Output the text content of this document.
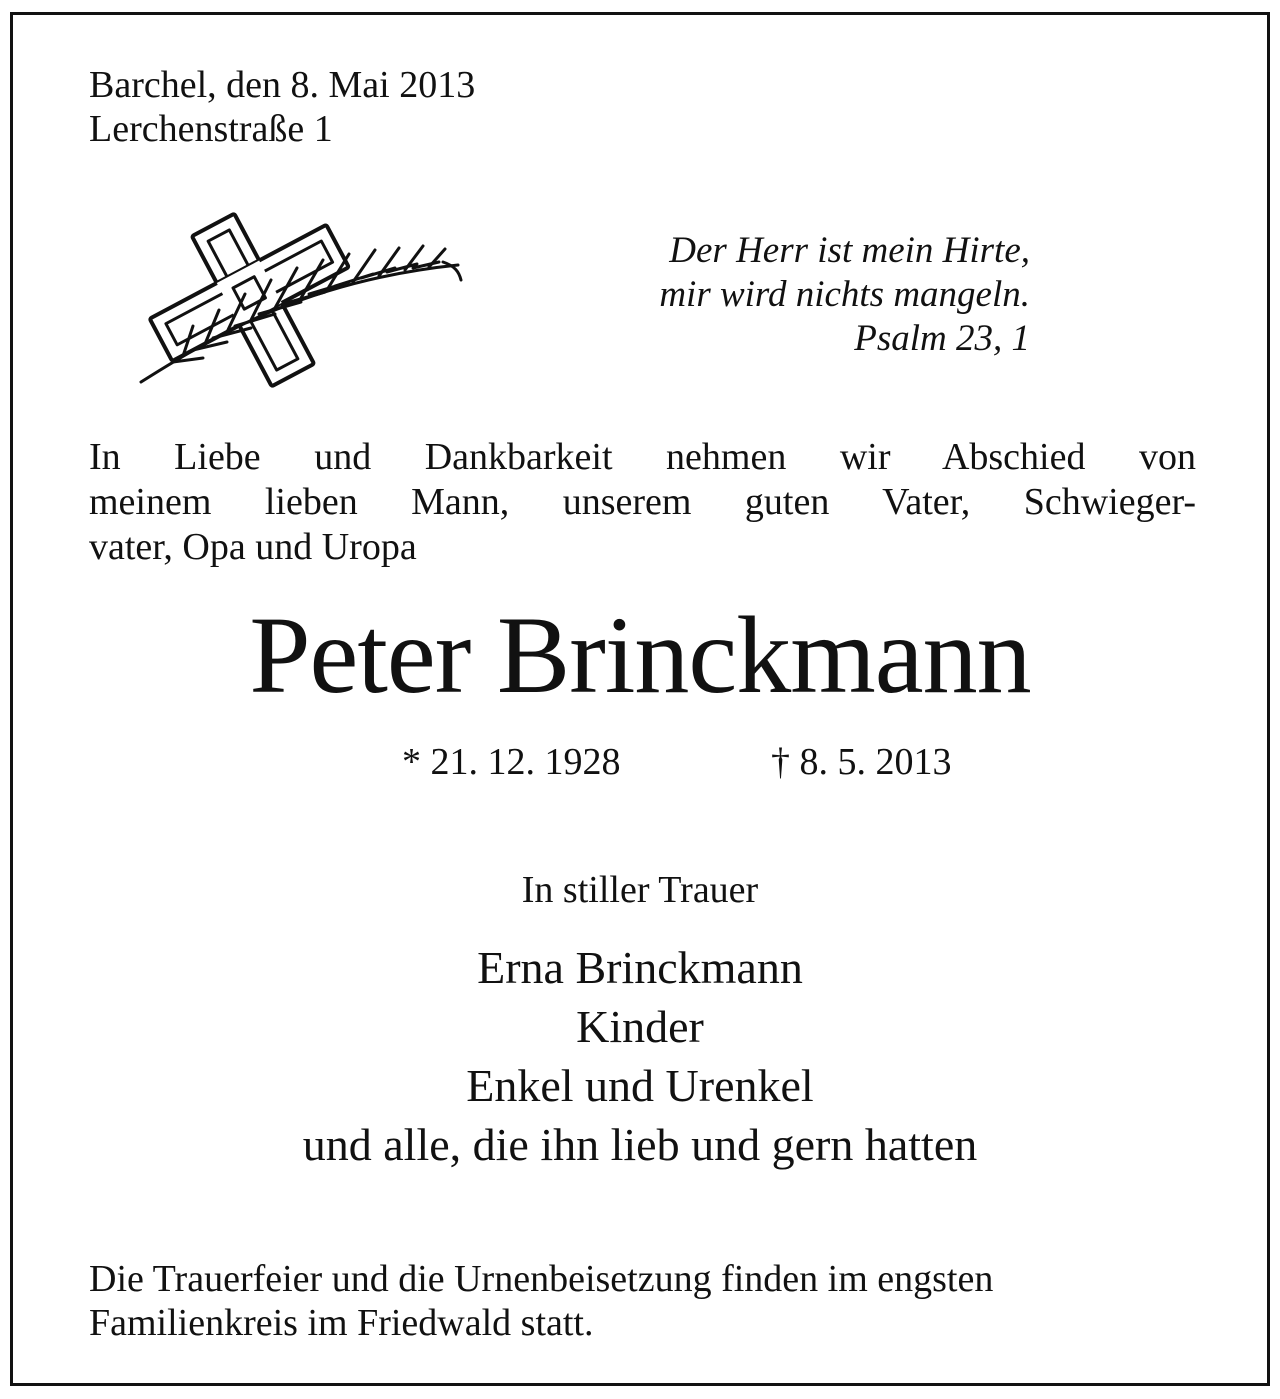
Barchel, den 8. Mai 2013
Lerchenstraße 1
Der Herr ist mein Hirte,
mir wird nichts mangeln.
Psalm 23, 1
In Liebe und Dankbarkeit nehmen wir Abschied von
meinem lieben Mann, unserem guten Vater, Schwieger-
vater, Opa und Uropa
Peter Brinckmann
* 21. 12. 1928	† 8. 5. 2013
In stiller Trauer
Erna Brinckmann
Kinder
Enkel und Urenkel
und alle, die ihn lieb und gern hatten
Die Trauerfeier und die Urnenbeisetzung finden im engsten
Familienkreis im Friedwald statt.
